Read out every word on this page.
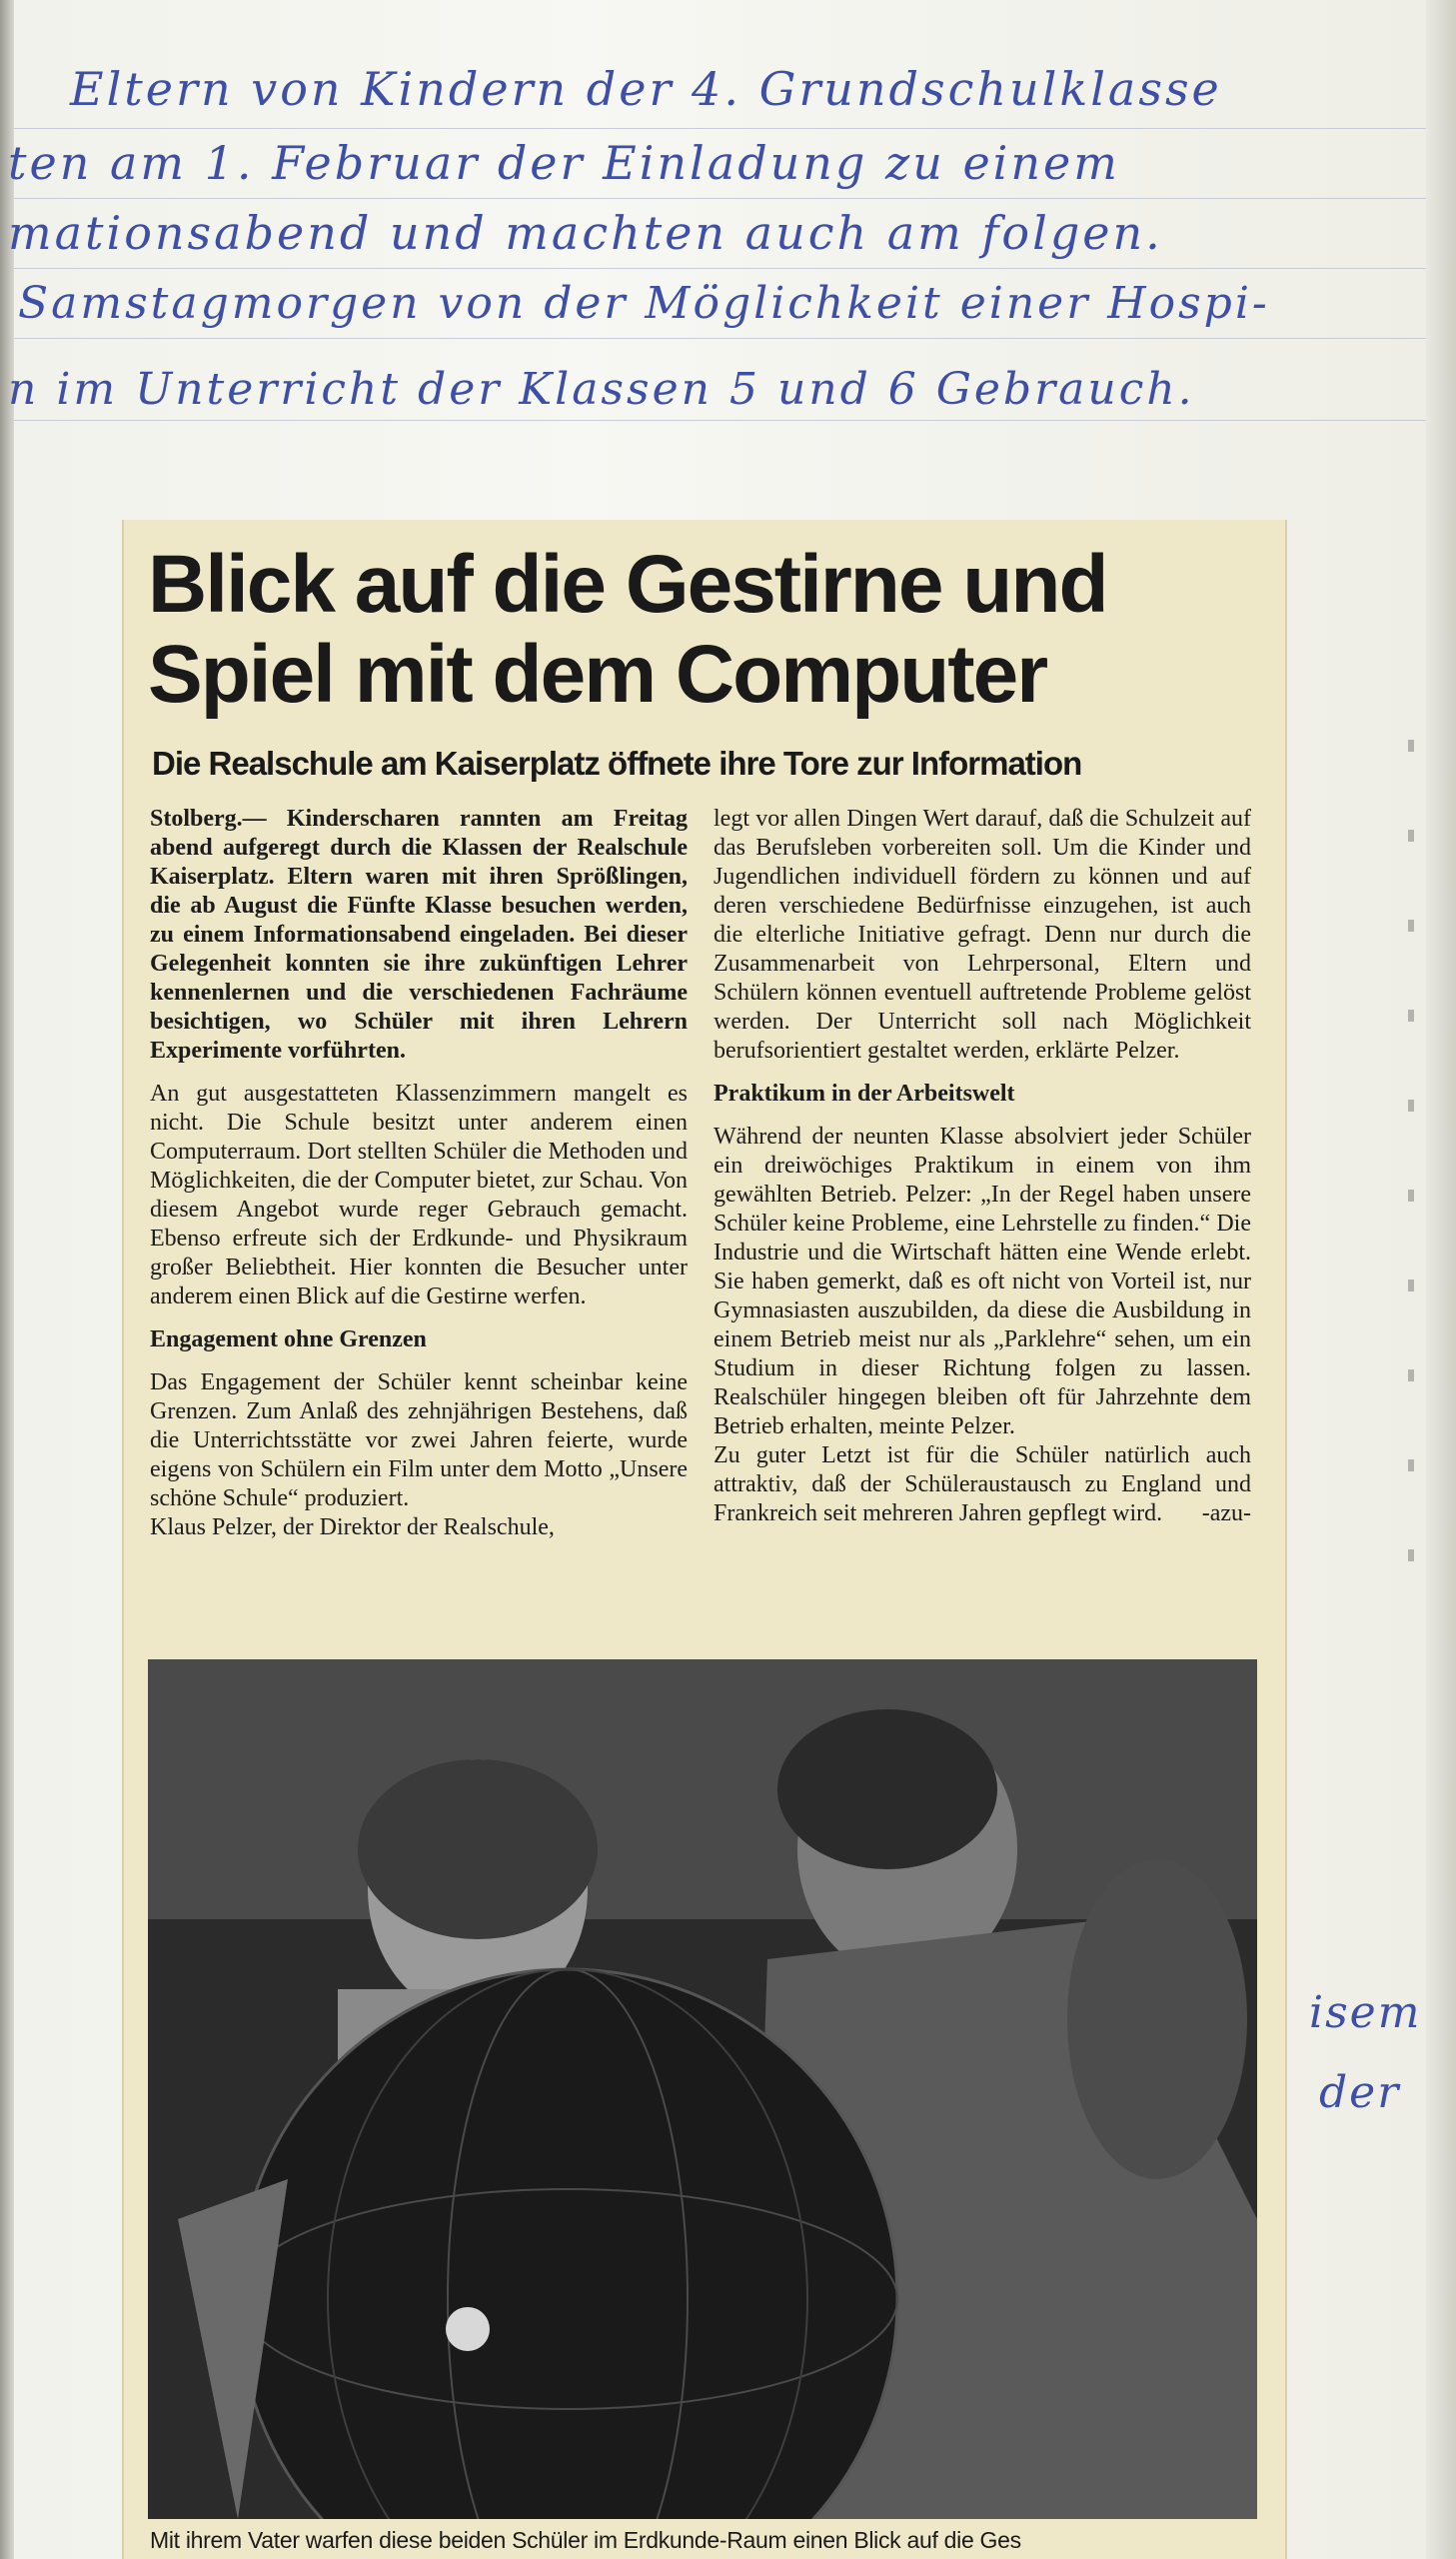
Eltern von Kindern der 4. Grundschulklasse

ten am 1. Februar der Einladung zu einem

mationsabend und machten auch am folgen.

Samstagmorgen von der Möglichkeit einer Hospi-

n im Unterricht der Klassen 5 und 6 Gebrauch.

isem

der

Blick auf die Gestirne und
Spiel mit dem Computer
Die Realschule am Kaiserplatz öffnete ihre Tore zur Information

Stolberg.— Kinderscharen rannten am Freitag abend aufgeregt durch die Klassen der Realschule Kaiserplatz. Eltern waren mit ihren Sprößlingen, die ab August die Fünfte Klasse besuchen werden, zu einem Informationsabend eingeladen. Bei dieser Gelegenheit konnten sie ihre zukünftigen Lehrer kennenlernen und die verschiedenen Fachräume besichtigen, wo Schüler mit ihren Lehrern Experimente vorführten.

An gut ausgestatteten Klassenzimmern mangelt es nicht. Die Schule besitzt unter anderem einen Computerraum. Dort stellten Schüler die Methoden und Möglichkeiten, die der Computer bietet, zur Schau. Von diesem Angebot wurde reger Gebrauch gemacht. Ebenso erfreute sich der Erdkunde- und Physikraum großer Beliebtheit. Hier konnten die Besucher unter anderem einen Blick auf die Gestirne werfen.

Engagement ohne Grenzen

Das Engagement der Schüler kennt scheinbar keine Grenzen. Zum Anlaß des zehnjährigen Bestehens, daß die Unterrichtsstätte vor zwei Jahren feierte, wurde eigens von Schülern ein Film unter dem Motto „Unsere schöne Schule“ produziert.

Klaus Pelzer, der Direktor der Realschule,

legt vor allen Dingen Wert darauf, daß die Schulzeit auf das Berufsleben vorbereiten soll. Um die Kinder und Jugendlichen individuell fördern zu können und auf deren verschiedene Bedürfnisse einzugehen, ist auch die elterliche Initiative gefragt. Denn nur durch die Zusammenarbeit von Lehrpersonal, Eltern und Schülern können eventuell auftretende Probleme gelöst werden. Der Unterricht soll nach Möglichkeit berufsorientiert gestaltet werden, erklärte Pelzer.

Praktikum in der Arbeitswelt

Während der neunten Klasse absolviert jeder Schüler ein dreiwöchiges Praktikum in einem von ihm gewählten Betrieb. Pelzer: „In der Regel haben unsere Schüler keine Probleme, eine Lehrstelle zu finden.“ Die Industrie und die Wirtschaft hätten eine Wende erlebt. Sie haben gemerkt, daß es oft nicht von Vorteil ist, nur Gymnasiasten auszubilden, da diese die Ausbildung in einem Betrieb meist nur als „Parklehre“ sehen, um ein Studium in dieser Richtung folgen zu lassen. Realschüler hingegen bleiben oft für Jahrzehnte dem Betrieb erhalten, meinte Pelzer.

Zu guter Letzt ist für die Schüler natürlich auch attraktiv, daß der Schüleraustausch zu England und Frankreich seit mehreren Jahren gepflegt wird. -azu-

Mit ihrem Vater warfen diese beiden Schüler im Erdkunde-Raum einen Blick auf die Ges
